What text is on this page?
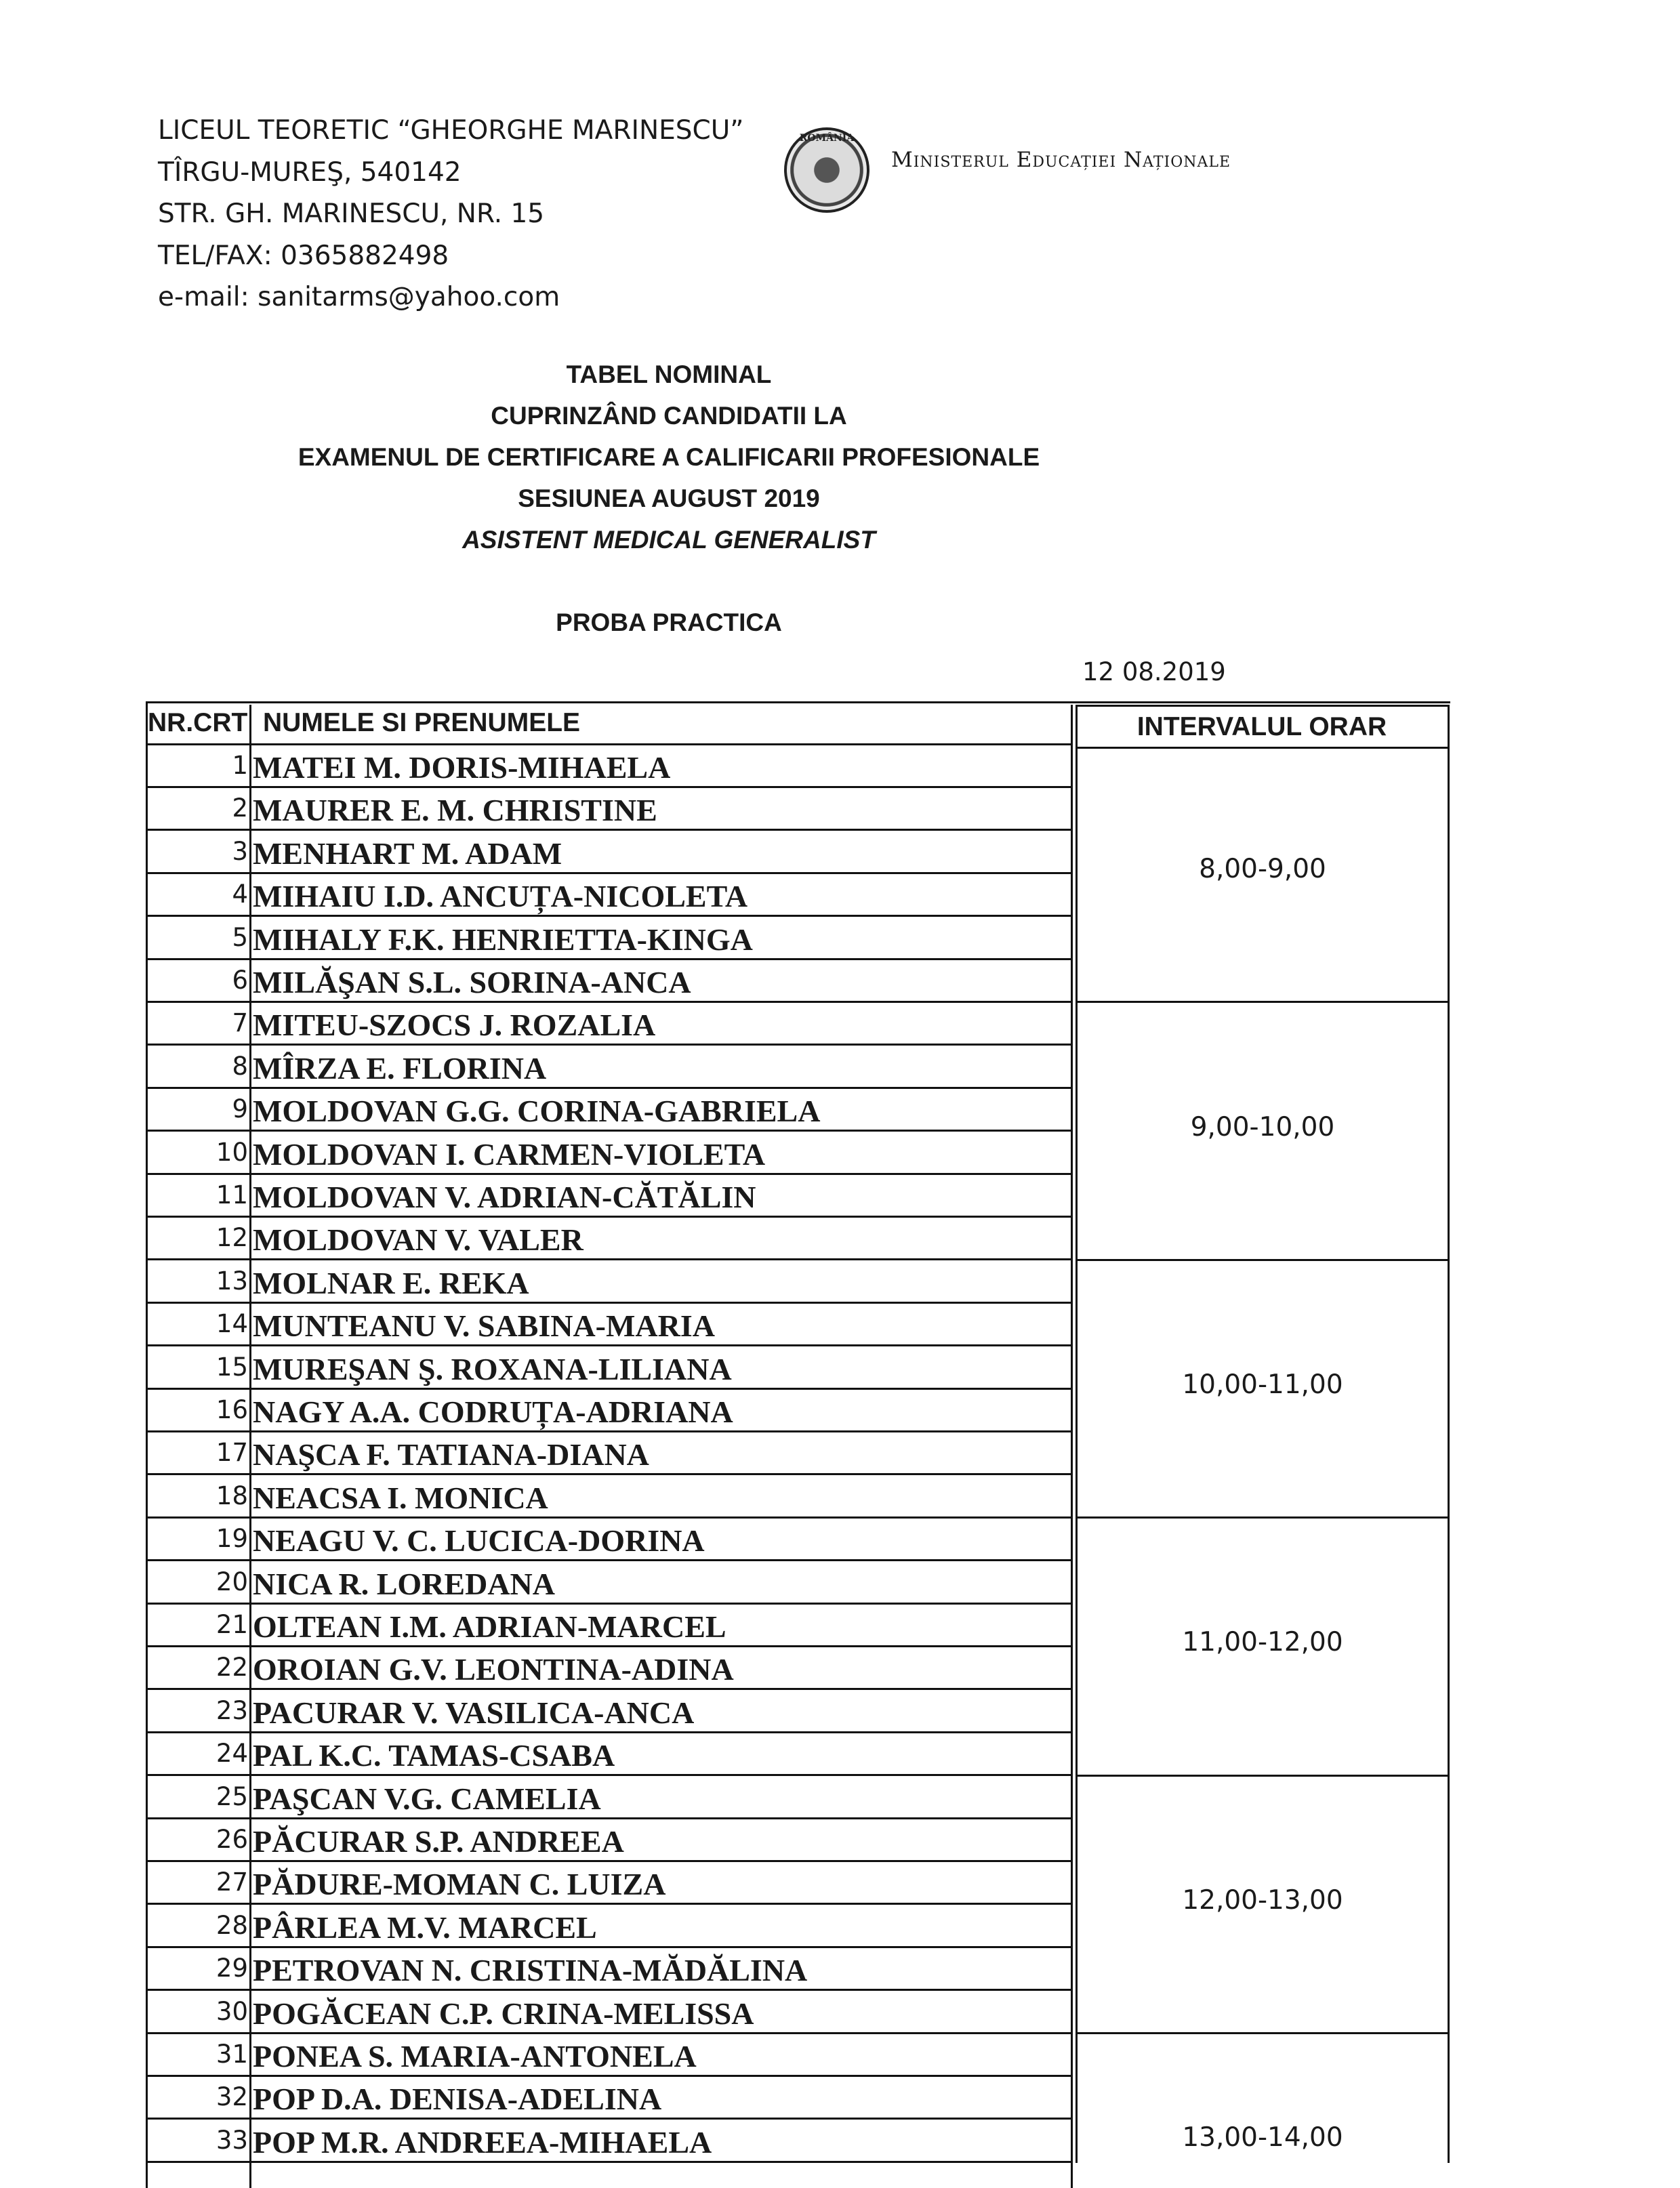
LICEUL TEORETIC “GHEORGHE MARINESCU”
TÎRGU-MUREŞ, 540142
STR. GH. MARINESCU, NR. 15
TEL/FAX: 0365882498
e-mail: sanitarms@yahoo.com
ROMÂNIA
Ministerul Educației Naționale
TABEL NOMINAL
CUPRINZÂND CANDIDATII LA
EXAMENUL DE CERTIFICARE A CALIFICARII PROFESIONALE
SESIUNEA AUGUST 2019
ASISTENT MEDICAL GENERALIST
PROBA PRACTICA
12 08.2019
NR.CRT NUMELE SI PRENUMELE	INTERVALUL ORAR
1 MATEI M. DORIS-MIHAELA
2 MAURER E. M. CHRISTINE
3 MENHART M. ADAM
4 MIHAIU I.D. ANCUȚA-NICOLETA
5 MIHALY F.K. HENRIETTA-KINGA
6 MILĂŞAN S.L. SORINA-ANCA
7 MITEU-SZOCS J. ROZALIA
8 MÎRZA E. FLORINA
9 MOLDOVAN G.G. CORINA-GABRIELA
10 MOLDOVAN I. CARMEN-VIOLETA
11 MOLDOVAN V. ADRIAN-CĂTĂLIN
12 MOLDOVAN V. VALER
13 MOLNAR E. REKA
14 MUNTEANU V. SABINA-MARIA
15 MUREŞAN Ş. ROXANA-LILIANA
16 NAGY A.A. CODRUȚA-ADRIANA
17 NAŞCA F. TATIANA-DIANA
18 NEACSA I. MONICA
19 NEAGU V. C. LUCICA-DORINA
20 NICA R. LOREDANA
21 OLTEAN I.M. ADRIAN-MARCEL
22 OROIAN G.V. LEONTINA-ADINA
23 PACURAR V. VASILICA-ANCA
24 PAL K.C. TAMAS-CSABA
25 PAŞCAN V.G. CAMELIA
26 PĂCURAR S.P. ANDREEA
27 PĂDURE-MOMAN C. LUIZA
28 PÂRLEA M.V. MARCEL
29 PETROVAN N. CRISTINA-MĂDĂLINA
30 POGĂCEAN C.P. CRINA-MELISSA
31 PONEA S. MARIA-ANTONELA
32 POP D.A. DENISA-ADELINA
33 POP M.R. ANDREEA-MIHAELA
8,00-9,00
9,00-10,00
10,00-11,00
11,00-12,00
12,00-13,00
13,00-14,00
